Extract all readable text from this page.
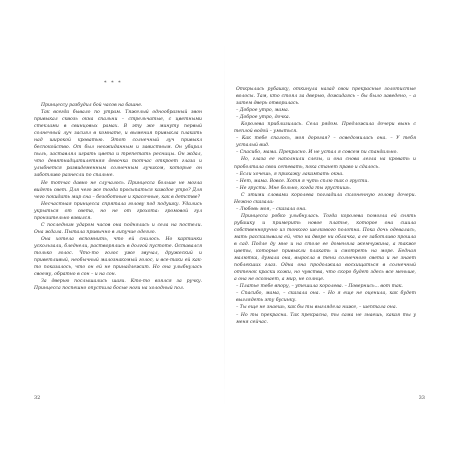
* * *

Принцессу разбудил бой часов на башне.

Так всегда бывало по утрам. Тяжелый однообразный звон привыкал сквозь окна спальни – стрельчатые, с цветными стеклами в свинцовых рамах. В эту же минуту первый солнечный луч засиял в комнате, и вымения привыкла плакать над широкой кроватью. Этот солнечный луч привыкл беспокойство. От был неожиданным и завистным. Он убирал пыль, заставлял играть цвета и трепетать ресницы. Он ждал, что девятнадцатилетняя девочка тотчас откроет глаза и улыбнется развидеменным солнечным лучиком, которые он заботливо разнесли по спальне.

Не тотчас давно не случалось. Принцесса больше не могла видеть свет. Для чего же тогда просыпаться каждое утро? Для чего покидать мир сна – безоботные и красочные, как в детстве?

Несчастная принцесса спрятала голову под подушку. Удались укрыться от света, но не от грохота: громовой гул пронзительно взвился.

С последним ударом часов она поднялась и села на постели. Она ждала. Пытала привычно в липучие одеяло.

Она хотела вспомнить, что ей снилось. Но картинки ускользали, бледнели, растворялись в долгой пустоте. Оставался только голос. Что-то голос уже звучал, дружеский и приветливый, необычный малознакомый голос, и все-таки ей как-то показалось, что он ей не принадлежит. Но она улыбнулась своему, обратно в сон – и на сон.

За дверью послышались шаги. Кто-то взялся за ручку. Принцесса поспешно опустила босые ноги на холодный пол.

32

Открылась рубашку, откинула назад свои прекрасные золотистые волосы. Там, кто стоял за дверью, дожидаясь – бы было заведено, – а затем дверь отворилась.

– Доброе утро, мама.

– Доброе утро, дочка.

Королева приблизилась. Села рядом. Предложила дочери вынь с теплой водой – умыться.

– Как тебе спалось, моя дорогая? – осведомилась она. – У тебя усталый вид.

– Спасибо, мама. Прекрасно. И не устал я совсем пи спандально.

Но, глаза ее наполнили слезы, и она снова легла на кровать и проболтала свои сетевать, пока станет право и сдалось.

– Если хочешь, я прикажу лакампать окна.

– Нет, мама. Вовсе. Хотя я чуть сплю так о грусти.

– Не грусти. Мне больно, когда ты грустишь.

С этими словами королева погладила склоненную голову дочери. Нежно сказала:

– Любовь моя, – сказала она.

Принцесса робко улыбнулась. Тогда королева помогла ей снять рубашку и примерить новое платье, которое она сшила собственноручно из тонкого шелкового полотна. Пока дочь одевалась, мать рассказывала ей, что на дворе ни облачка, а ее заботливо прошла в сад. Подле ду мне и на столе ее доменяла жемчужина, а также цветы, которые привыкли плакать и смотреть на море. Бедная малютка, думала она, выросла в тени солнечного света и не знает поблекших глаз. Одна она продолжала восхищаться в солнечный оттенок краски кожи, но чувства, что скоро будет здесь все меньше, а она не осознает, а мир, не солнце.

– Платье тебе впору, – утешила королева. – Повернись... вот так.

– Спасибо, мама, – сказала она. – Но я еще не оценила, как будет выглядеть эту бусинку.

– Ты еще не знаешь, как бы ты выглядела ниже, – шептала она.

– Но ты прекрасна. Так прекрасна, ты сама не знаешь, какая ты у меня сейчас.

33
